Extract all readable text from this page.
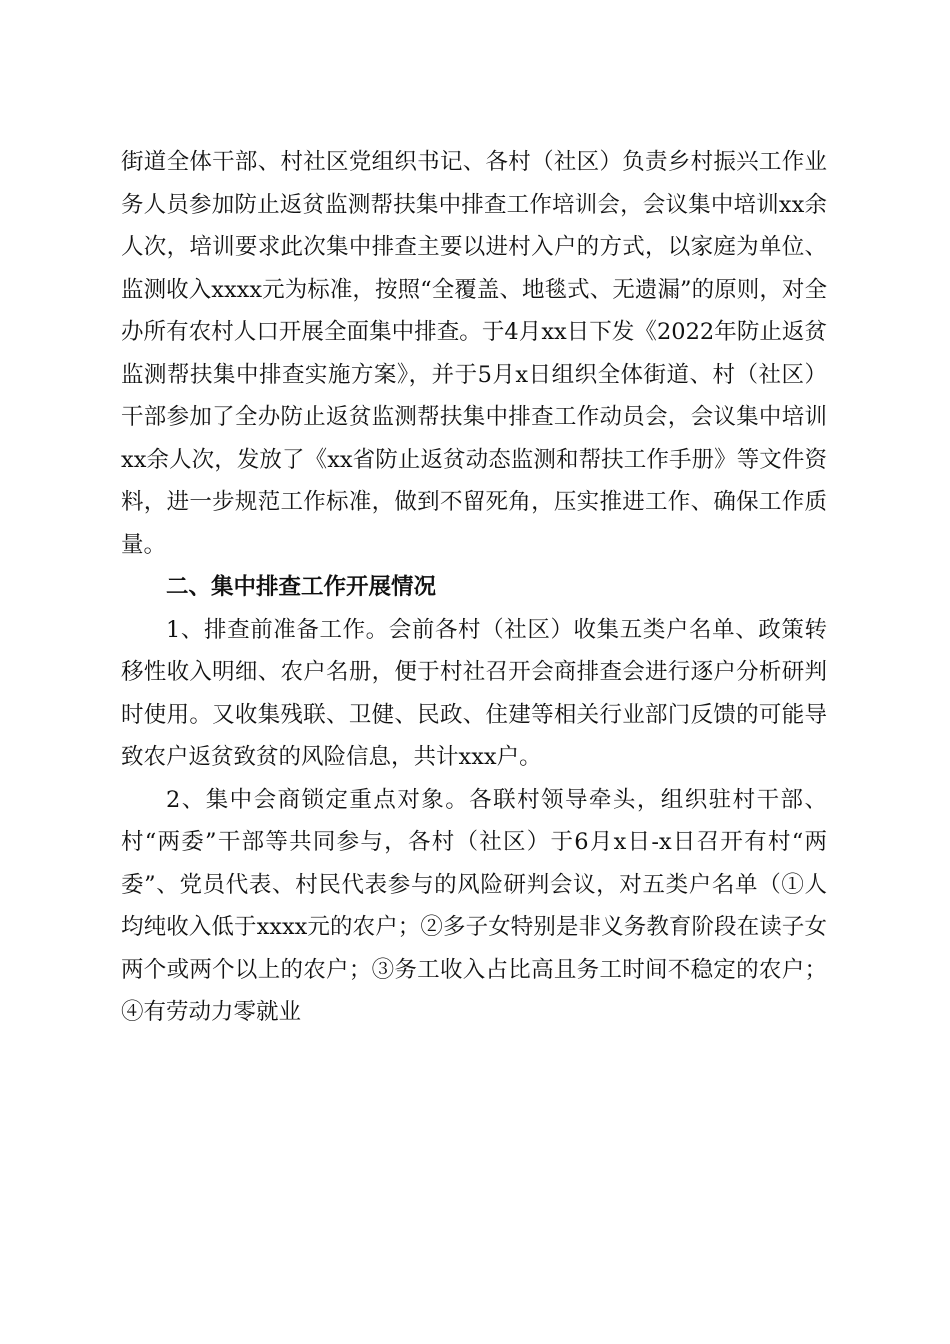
街道全体干部、村社区党组织书记、各村（社区）负责乡村振兴工作业务人员参加防止返贫监测帮扶集中排查工作培训会，会议集中培训xx余人次，培训要求此次集中排查主要以进村入户的方式，以家庭为单位、监测收入xxxx元为标准，按照“全覆盖、地毯式、无遗漏”的原则，对全办所有农村人口开展全面集中排查。于4月xx日下发《2022年防止返贫监测帮扶集中排查实施方案》，并于5月x日组织全体街道、村（社区）干部参加了全办防止返贫监测帮扶集中排查工作动员会，会议集中培训xx余人次，发放了《xx省防止返贫动态监测和帮扶工作手册》等文件资料，进一步规范工作标准，做到不留死角，压实推进工作、确保工作质量。

二、集中排查工作开展情况

1、排查前准备工作。会前各村（社区）收集五类户名单、政策转移性收入明细、农户名册，便于村社召开会商排查会进行逐户分析研判时使用。又收集残联、卫健、民政、住建等相关行业部门反馈的可能导致农户返贫致贫的风险信息，共计xxx户。

2、集中会商锁定重点对象。各联村领导牵头，组织驻村干部、村“两委”干部等共同参与，各村（社区）于6月x日-x日召开有村“两委”、党员代表、村民代表参与的风险研判会议，对五类户名单（①人均纯收入低于xxxx元的农户；②多子女特别是非义务教育阶段在读子女两个或两个以上的农户；③务工收入占比高且务工时间不稳定的农户；④有劳动力零就业
